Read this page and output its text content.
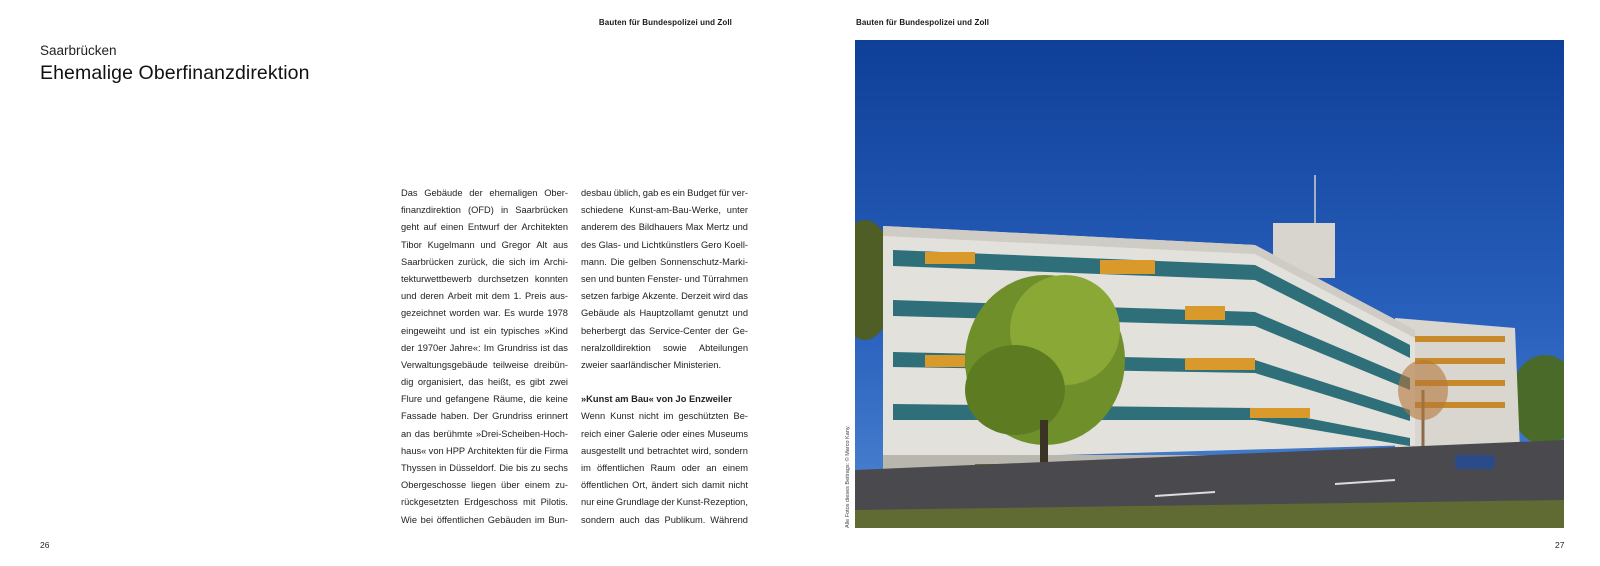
Bauten für Bundespolizei und Zoll	Bauten für Bundespolizei und Zoll
Saarbrücken
Ehemalige Oberfinanzdirektion
Das Gebäude der ehemaligen Ober-
finanzdirektion (OFD) in Saarbrücken
geht auf einen Entwurf der Architekten
Tibor Kugelmann und Gregor Alt aus
Saarbrücken zurück, die sich im Archi-
tekturwettbewerb durchsetzen konnten
und deren Arbeit mit dem 1. Preis aus-
gezeichnet worden war. Es wurde 1978
eingeweiht und ist ein typisches »Kind
der 1970er Jahre«: Im Grundriss ist das
Verwaltungsgebäude teilweise dreibün-
dig organisiert, das heißt, es gibt zwei
Flure und gefangene Räume, die keine
Fassade haben. Der Grundriss erinnert
an das berühmte »Drei-Scheiben-Hoch-
haus« von HPP Architekten für die Firma
Thyssen in Düsseldorf. Die bis zu sechs
Obergeschosse liegen über einem zu-
rückgesetzten Erdgeschoss mit Pilotis.
Wie bei öffentlichen Gebäuden im Bun-
desbau üblich, gab es ein Budget für ver-
schiedene Kunst-am-Bau-Werke, unter
anderem des Bildhauers Max Mertz und
des Glas- und Lichtkünstlers Gero Koell-
mann. Die gelben Sonnenschutz-Marki-
sen und bunten Fenster- und Türrahmen
setzen farbige Akzente. Derzeit wird das
Gebäude als Hauptzollamt genutzt und
beherbergt das Service-Center der Ge-
neralzolldirektion sowie Abteilungen
zweier saarländischer Ministerien.
»Kunst am Bau« von Jo Enzweiler
Wenn Kunst nicht im geschützten Be-
reich einer Galerie oder eines Museums
ausgestellt und betrachtet wird, sondern
im öffentlichen Raum oder an einem
öffentlichen Ort, ändert sich damit nicht
nur eine Grundlage der Kunst-Rezeption,
sondern auch das Publikum. Während	Alle Fotos dieses Beitrags: © Marco Kany
26	27
